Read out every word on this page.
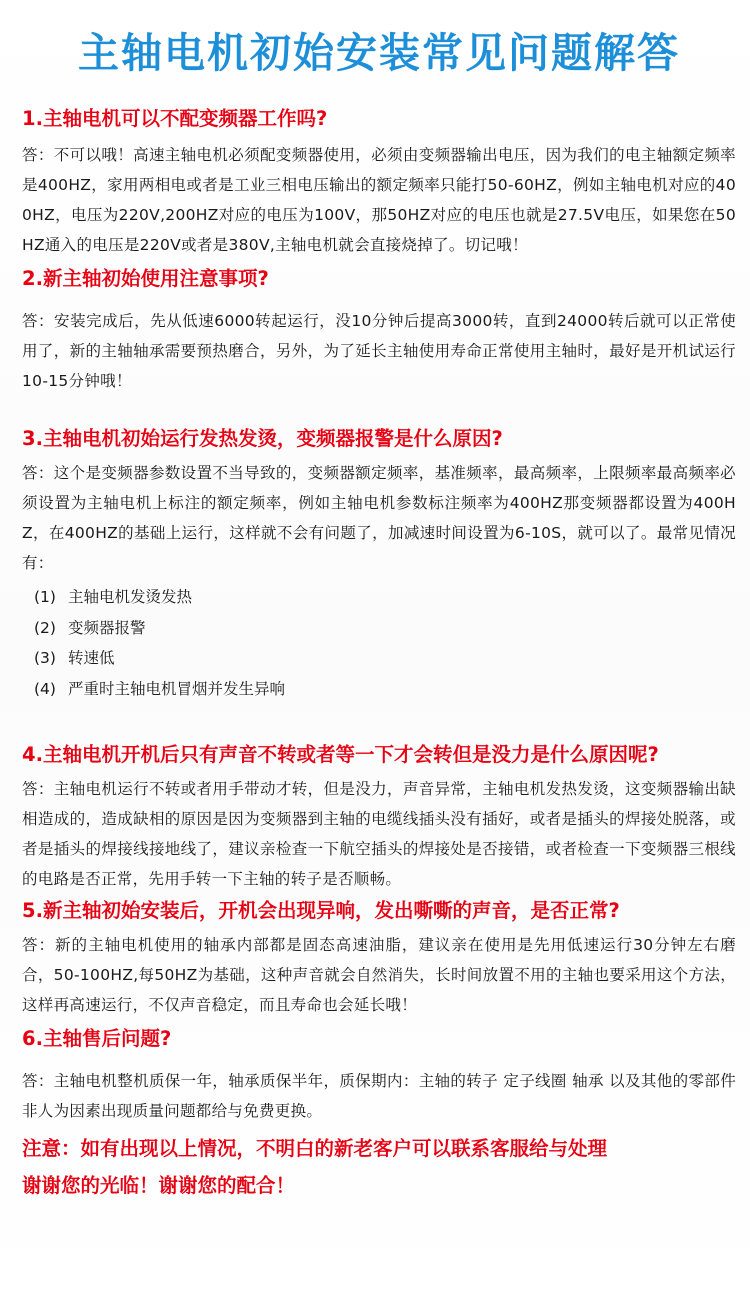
主轴电机初始安装常见问题解答
1.主轴电机可以不配变频器工作吗?
答：不可以哦！高速主轴电机必须配变频器使用，必须由变频器输出电压，因为我们的电主轴额定频率是400HZ，家用两相电或者是工业三相电压输出的额定频率只能打50-60HZ，例如主轴电机对应的400HZ，电压为220V,200HZ对应的电压为100V，那50HZ对应的电压也就是27.5V电压，如果您在50HZ通入的电压是220V或者是380V,主轴电机就会直接烧掉了。切记哦！
2.新主轴初始使用注意事项?
答：安装完成后，先从低速6000转起运行，没10分钟后提高3000转，直到24000转后就可以正常使用了，新的主轴轴承需要预热磨合，另外，为了延长主轴使用寿命正常使用主轴时，最好是开机试运行10-15分钟哦！
3.主轴电机初始运行发热发烫，变频器报警是什么原因?
答：这个是变频器参数设置不当导致的，变频器额定频率，基准频率，最高频率，上限频率最高频率必须设置为主轴电机上标注的额定频率，例如主轴电机参数标注频率为400HZ那变频器都设置为400HZ，在400HZ的基础上运行，这样就不会有问题了，加减速时间设置为6-10S，就可以了。最常见情况有：
(1) 主轴电机发烫发热
(2) 变频器报警
(3) 转速低
(4) 严重时主轴电机冒烟并发生异响
4.主轴电机开机后只有声音不转或者等一下才会转但是没力是什么原因呢?
答：主轴电机运行不转或者用手带动才转，但是没力，声音异常，主轴电机发热发烫，这变频器输出缺相造成的，造成缺相的原因是因为变频器到主轴的电缆线插头没有插好，或者是插头的焊接处脱落，或者是插头的焊接线接地线了，建议亲检查一下航空插头的焊接处是否接错，或者检查一下变频器三根线的电路是否正常，先用手转一下主轴的转子是否顺畅。
5.新主轴初始安装后，开机会出现异响，发出嘶嘶的声音，是否正常?
答：新的主轴电机使用的轴承内部都是固态高速油脂，建议亲在使用是先用低速运行30分钟左右磨合，50-100HZ,每50HZ为基础，这种声音就会自然消失，长时间放置不用的主轴也要采用这个方法，这样再高速运行，不仅声音稳定，而且寿命也会延长哦！
6.主轴售后问题?
答：主轴电机整机质保一年，轴承质保半年，质保期内：主轴的转子 定子线圈 轴承 以及其他的零部件非人为因素出现质量问题都给与免费更换。
注意：如有出现以上情况，不明白的新老客户可以联系客服给与处理
谢谢您的光临！谢谢您的配合！
